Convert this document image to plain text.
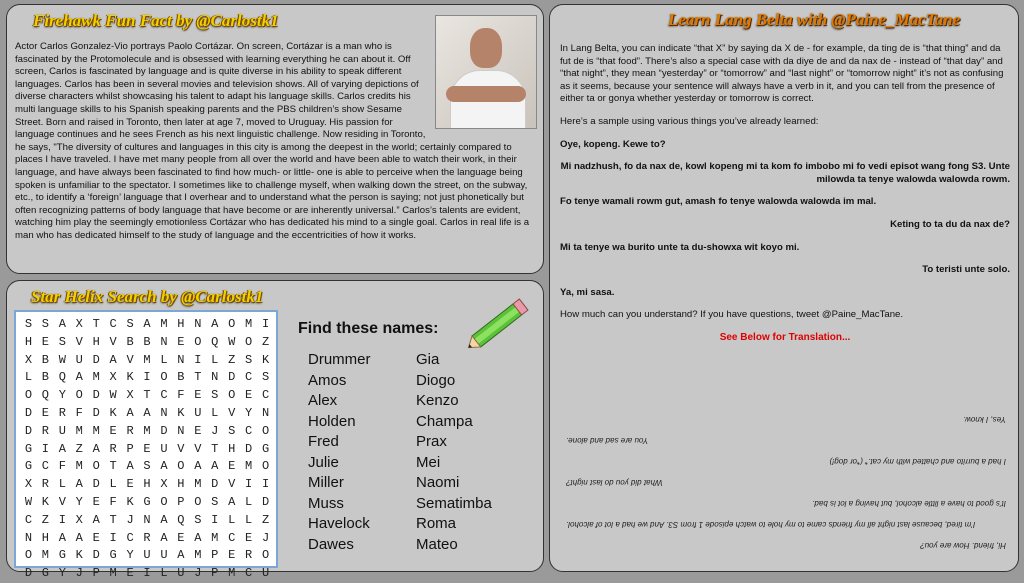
Firehawk Fun Fact by @Carlostk1
Actor Carlos Gonzalez-Vio portrays Paolo Cortázar. On screen, Cortázar is a man who is fascinated by the Protomolecule and is obsessed with learning everything he can about it. Off screen, Carlos is fascinated by language and is quite diverse in his ability to speak different languages. Carlos has been in several movies and television shows. All of varying depictions of diverse characters whilst showcasing his talent to adapt his language skills. Carlos credits his multi language skills to his Spanish speaking parents and the PBS children’s show Sesame Street. Born and raised in Toronto, then later at age 7, moved to Uruguay. His passion for language continues and he sees French as his next linguistic challenge. Now residing in Toronto, he says, "The diversity of cultures and languages in this city is among the deepest in the world; certainly compared to places I have traveled. I have met many people from all over the world and have been able to watch their work, in their language, and have always been fascinated to find how much- or little- one is able to perceive when the language being spoken is unfamiliar to the spectator. I sometimes like to challenge myself, when walking down the street, on the subway, etc., to identify a ‘foreign’ language that I overhear and to understand what the person is saying; not just phonetically but often recognizing patterns of body language that have become or are inherently universal.” Carlos’s talents are evident, watching him play the seemingly emotionless Cortázar who has dedicated his mind to a single goal. Carlos in real life is a man who has dedicated himself to the study of language and the eccentricities of how it works.
Star Helix Search by @Carlostk1
S S A X T C S A M H N A O M I
H E S V H V B B N E O Q W O Z
X B W U D A V M L N I L Z S K
L B Q A M X K I O B T N D C S
O Q Y O D W X T C F E S O E C
D E R F D K A A N K U L V Y N
D R U M M E R M D N E J S C O
G I A Z A R P E U V V T H D G
G C F M O T A S A O A A E M O
X R L A D L E H X H M D V I I
W K V Y E F K G O P O S A L D
C Z I X A T J N A Q S I L L Z
N H A A E I C R A E A M C E J
O M G K D G Y U U A M P E R O
D G Y J P M E I L U J P M C U
Find these names:
Drummer
Amos
Alex
Holden
Fred
Julie
Miller
Muss
Havelock
Dawes
Gia
Diogo
Kenzo
Champa
Prax
Mei
Naomi
Sematimba
Roma
Mateo
Learn Lang Belta with @Paine_MacTane

In Lang Belta, you can indicate “that X” by saying da X de - for example, da ting de is “that thing” and da fut de is “that food”. There’s also a special case with da diye de and da nax de - instead of “that day” and “that night”, they mean “yesterday” or “tomorrow” and “last night” or “tomorrow night” it’s not as confusing as it seems, because your sentence will always have a verb in it, and you can tell from the presence of either ta or gonya whether yesterday or tomorrow is correct.

Here’s a sample using various things you’ve already learned:

Oye, kopeng. Kewe to?

Mi nadzhush, fo da nax de, kowl kopeng mi ta kom fo imbobo mi fo vedi episot wang fong S3. Unte milowda ta tenye walowda walowda rowm.

Fo tenye wamali rowm gut, amash fo tenye walowda walowda im mal.

Keting to ta du da nax de?

Mi ta tenye wa burito unte ta du-showxa wit koyo mi.

To teristi unte solo.

Ya, mi sasa.

How much can you understand? If you have questions, tweet @Paine_MacTane.

See Below for Translation...

Hi, friend. How are you?

I’m tired, because last night all my friends came to my hole to watch episode 1 from S3. And we had a lot of alcohol.

It’s good to have a little alcohol, but having a lot is bad.

What did you do last night?

I had a burrito and chatted with my cat.* (*or dog!)

You are sad and alone.

Yes, I know.
